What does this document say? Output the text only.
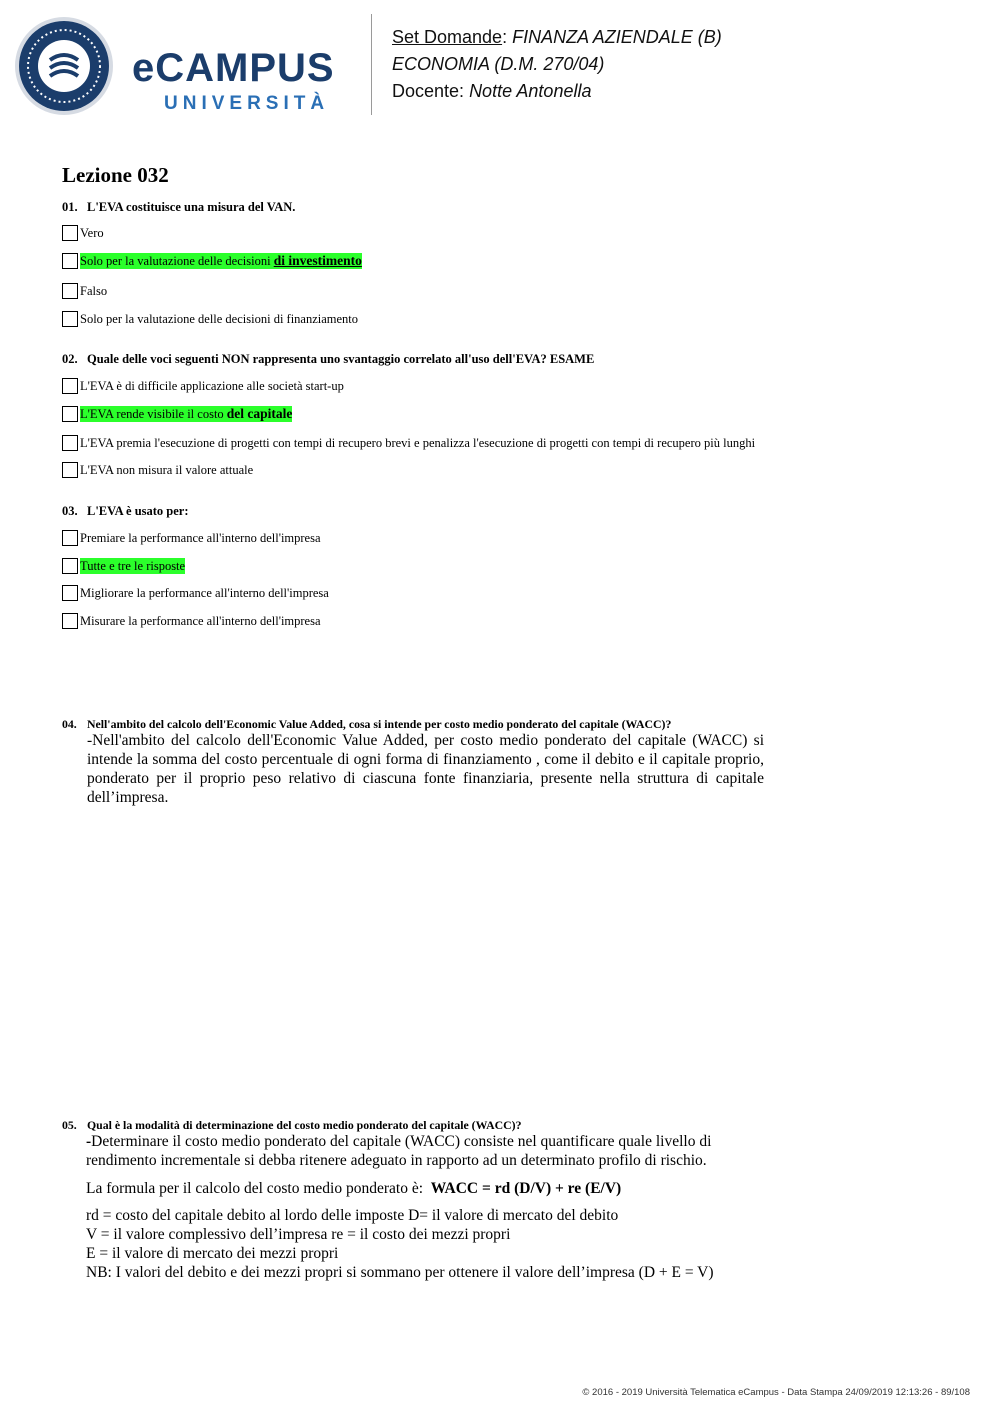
eCAMPUS
UNIVERSITÀ
Set Domande: FINANZA AZIENDALE (B)
ECONOMIA (D.M. 270/04)
Docente: Notte Antonella
Lezione 032
01. L'EVA costituisce una misura del VAN.
Vero
Solo per la valutazione delle decisioni di investimento
Falso
Solo per la valutazione delle decisioni di finanziamento
02. Quale delle voci seguenti NON rappresenta uno svantaggio correlato all'uso dell'EVA? ESAME
L'EVA è di difficile applicazione alle società start-up
L'EVA rende visibile il costo del capitale
L'EVA premia l'esecuzione di progetti con tempi di recupero brevi e penalizza l'esecuzione di progetti con tempi di recupero più lunghi
L'EVA non misura il valore attuale
03. L'EVA è usato per:
Premiare la performance all'interno dell'impresa
Tutte e tre le risposte
Migliorare la performance all'interno dell'impresa
Misurare la performance all'interno dell'impresa
04. Nell'ambito del calcolo dell'Economic Value Added, cosa si intende per costo medio ponderato del capitale (WACC)?

-Nell'ambito del calcolo dell'Economic Value Added, per costo medio ponderato del capitale (WACC) si intende la somma del costo percentuale di ogni forma di finanziamento , come il debito e il capitale proprio, ponderato per il proprio peso relativo di ciascuna fonte finanziaria, presente nella struttura di capitale dell’impresa.

05. Qual è la modalità di determinazione del costo medio ponderato del capitale (WACC)?

-Determinare il costo medio ponderato del capitale (WACC) consiste nel quantificare quale livello di rendimento incrementale si debba ritenere adeguato in rapporto ad un determinato profilo di rischio.

La formula per il calcolo del costo medio ponderato è: WACC = rd (D/V) + re (E/V)

rd = costo del capitale debito al lordo delle imposte D= il valore di mercato del debito

V = il valore complessivo dell’impresa re = il costo dei mezzi propri

E = il valore di mercato dei mezzi propri

NB: I valori del debito e dei mezzi propri si sommano per ottenere il valore dell’impresa (D + E = V)

© 2016 - 2019 Università Telematica eCampus - Data Stampa 24/09/2019 12:13:26 - 89/108
